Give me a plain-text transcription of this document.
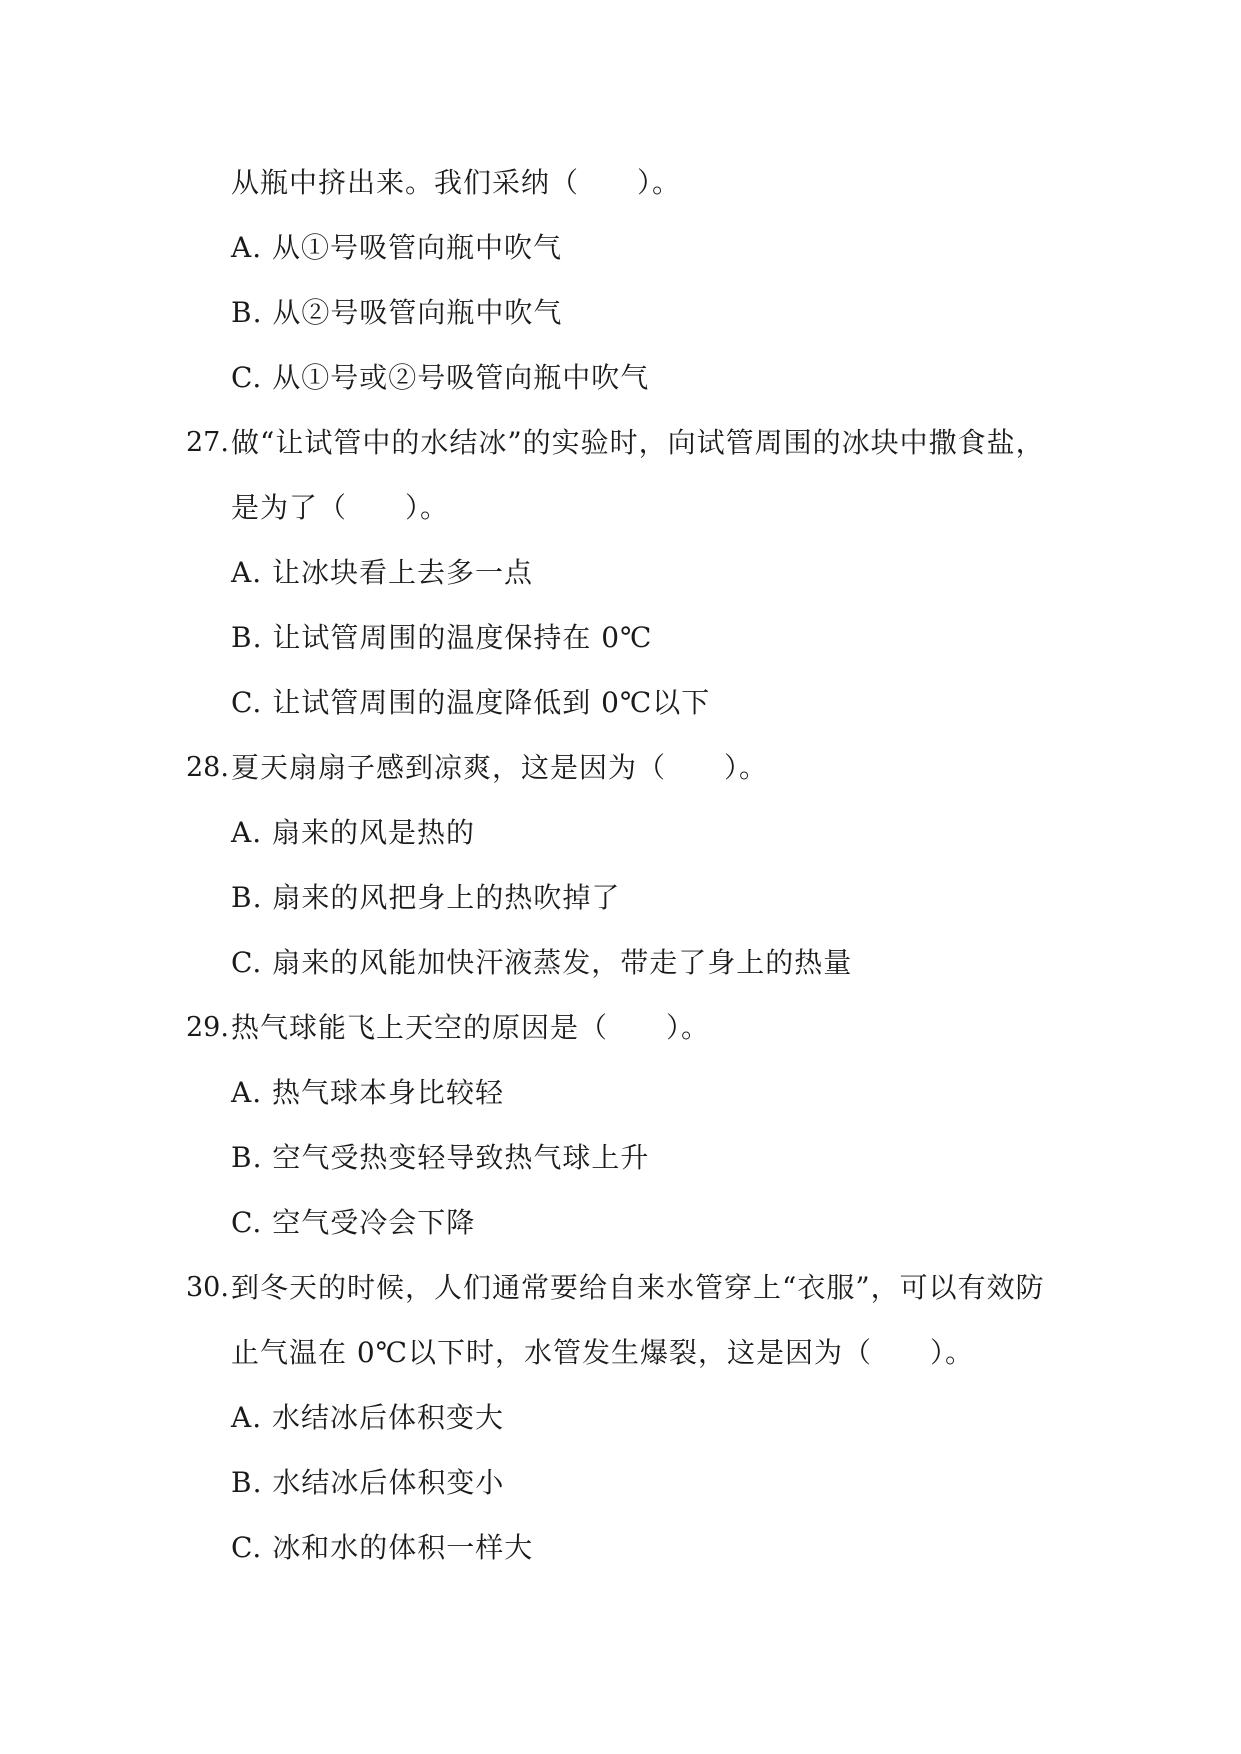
从瓶中挤出来。我们采纳（　　）。
A. 从①号吸管向瓶中吹气
B. 从②号吸管向瓶中吹气
C. 从①号或②号吸管向瓶中吹气
27. 做“让试管中的水结冰”的实验时，向试管周围的冰块中撒食盐，
是为了（　　）。
A. 让冰块看上去多一点
B. 让试管周围的温度保持在 0℃
C. 让试管周围的温度降低到 0℃以下
28. 夏天扇扇子感到凉爽，这是因为（　　）。
A. 扇来的风是热的
B. 扇来的风把身上的热吹掉了
C. 扇来的风能加快汗液蒸发，带走了身上的热量
29. 热气球能飞上天空的原因是（　　）。
A. 热气球本身比较轻
B. 空气受热变轻导致热气球上升
C. 空气受冷会下降
30. 到冬天的时候，人们通常要给自来水管穿上“衣服”，可以有效防
止气温在 0℃以下时，水管发生爆裂，这是因为（　　）。
A. 水结冰后体积变大
B. 水结冰后体积变小
C. 冰和水的体积一样大
